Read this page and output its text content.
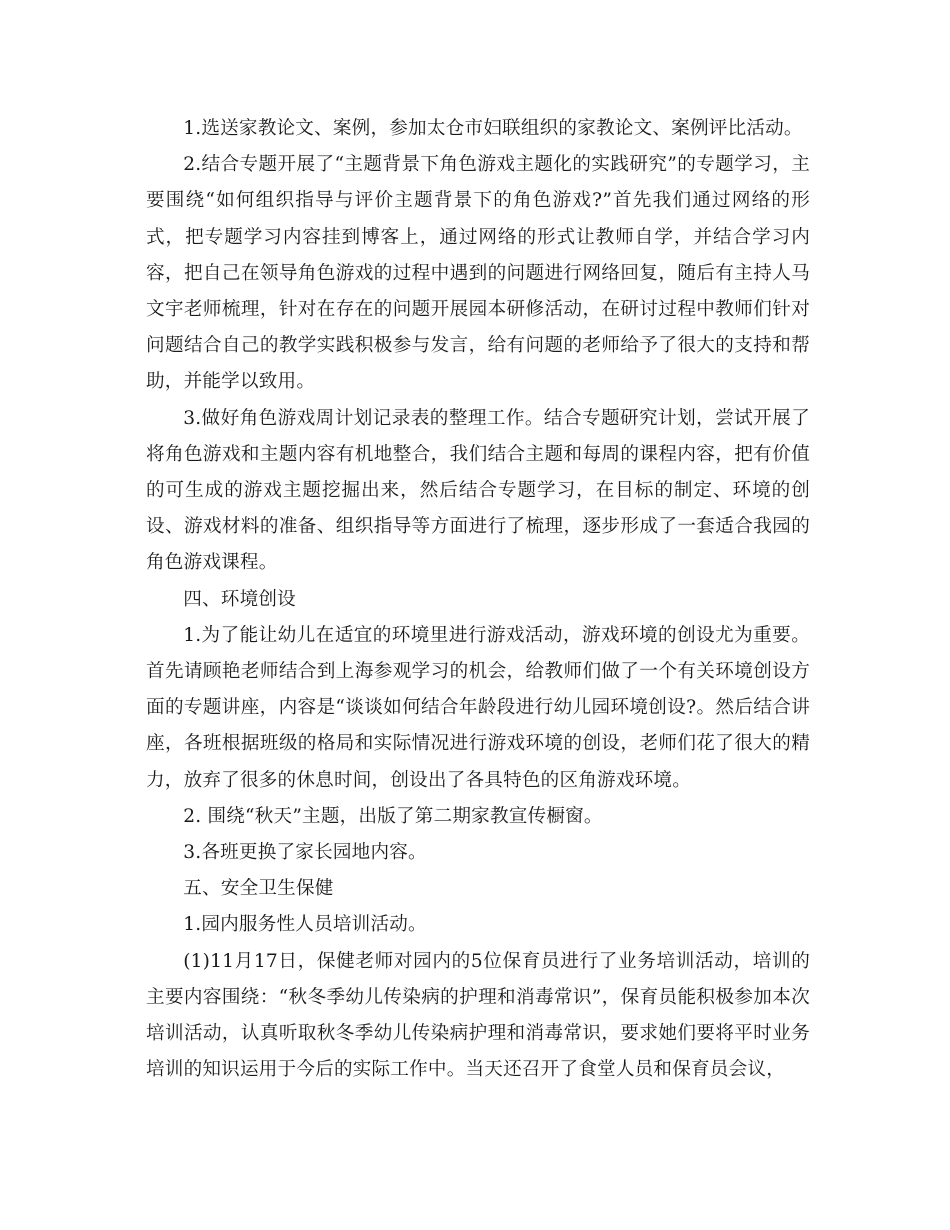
1.选送家教论文、案例，参加太仓市妇联组织的家教论文、案例评比活动。

2.结合专题开展了“主题背景下角色游戏主题化的实践研究”的专题学习，主要围绕“如何组织指导与评价主题背景下的角色游戏?”首先我们通过网络的形式，把专题学习内容挂到博客上，通过网络的形式让教师自学，并结合学习内容，把自己在领导角色游戏的过程中遇到的问题进行网络回复，随后有主持人马文宇老师梳理，针对在存在的问题开展园本研修活动，在研讨过程中教师们针对问题结合自己的教学实践积极参与发言，给有问题的老师给予了很大的支持和帮助，并能学以致用。

3.做好角色游戏周计划记录表的整理工作。结合专题研究计划，尝试开展了将角色游戏和主题内容有机地整合，我们结合主题和每周的课程内容，把有价值的可生成的游戏主题挖掘出来，然后结合专题学习，在目标的制定、环境的创设、游戏材料的准备、组织指导等方面进行了梳理，逐步形成了一套适合我园的角色游戏课程。

四、环境创设

1.为了能让幼儿在适宜的环境里进行游戏活动，游戏环境的创设尤为重要。首先请顾艳老师结合到上海参观学习的机会，给教师们做了一个有关环境创设方面的专题讲座，内容是“谈谈如何结合年龄段进行幼儿园环境创设?。然后结合讲座，各班根据班级的格局和实际情况进行游戏环境的创设，老师们花了很大的精力，放弃了很多的休息时间，创设出了各具特色的区角游戏环境。

2. 围绕“秋天”主题，出版了第二期家教宣传橱窗。

3.各班更换了家长园地内容。

五、安全卫生保健

1.园内服务性人员培训活动。

(1)11月17日，保健老师对园内的5位保育员进行了业务培训活动，培训的主要内容围绕：“秋冬季幼儿传染病的护理和消毒常识”，保育员能积极参加本次培训活动，认真听取秋冬季幼儿传染病护理和消毒常识，要求她们要将平时业务培训的知识运用于今后的实际工作中。当天还召开了食堂人员和保育员会议，
